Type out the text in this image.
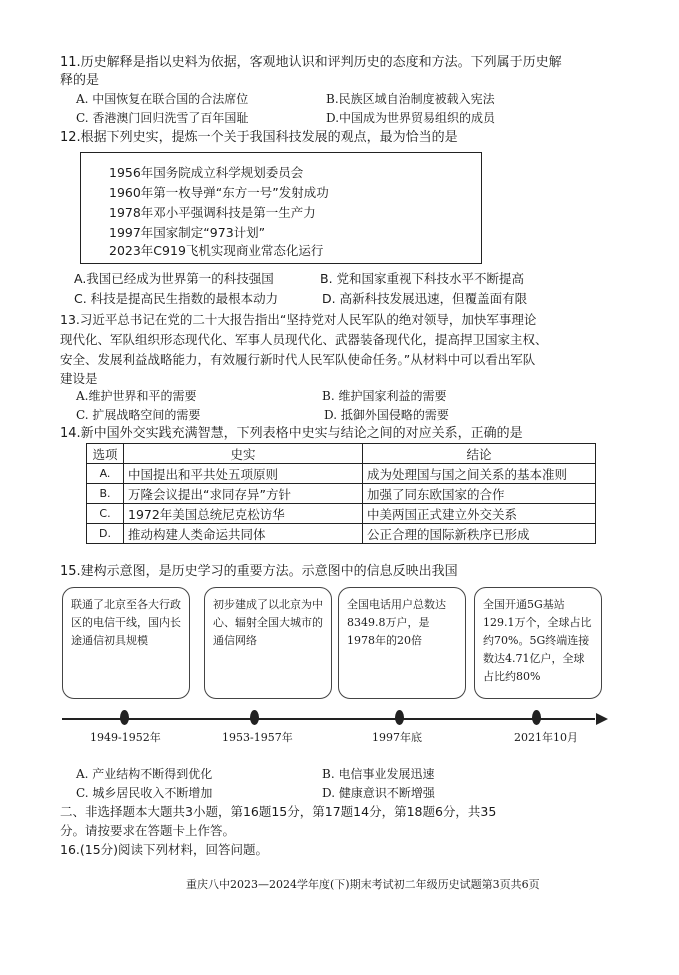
11.历史解释是指以史料为依据，客观地认识和评判历史的态度和方法。下列属于历史解
释的是
A. 中国恢复在联合国的合法席位	B.民族区域自治制度被载入宪法
C. 香港澳门回归洗雪了百年国耻	D.中国成为世界贸易组织的成员
12.根据下列史实，提炼一个关于我国科技发展的观点，最为恰当的是
1956年国务院成立科学规划委员会
1960年第一枚导弹“东方一号”发射成功
1978年邓小平强调科技是第一生产力
1997年国家制定“973计划”
2023年C919飞机实现商业常态化运行
A.我国已经成为世界第一的科技强国	B. 党和国家重视下科技水平不断提高
C. 科技是提高民生指数的最根本动力	D. 高新科技发展迅速，但覆盖面有限
13.习近平总书记在党的二十大报告指出“坚持党对人民军队的绝对领导，加快军事理论
现代化、军队组织形态现代化、军事人员现代化、武器装备现代化，提高捍卫国家主权、
安全、发展利益战略能力，有效履行新时代人民军队使命任务。”从材料中可以看出军队
建设是
A.维护世界和平的需要	B. 维护国家利益的需要
C. 扩展战略空间的需要	D. 抵御外国侵略的需要
14.新中国外交实践充满智慧，下列表格中史实与结论之间的对应关系，正确的是
选项	史实	结论
A.	中国提出和平共处五项原则	成为处理国与国之间关系的基本准则
B.	万隆会议提出“求同存异”方针	加强了同东欧国家的合作
C.	1972年美国总统尼克松访华	中美两国正式建立外交关系
D.	推动构建人类命运共同体	公正合理的国际新秩序已形成
15.建构示意图，是历史学习的重要方法。示意图中的信息反映出我国
联通了北京至各大行政区的电信干线，国内长途通信初具规模
初步建成了以北京为中心、辐射全国大城市的通信网络
全国电话用户总数达8349.8万户，是1978年的20倍
全国开通5G基站129.1万个，全球占比约70%。5G终端连接数达4.71亿户，全球占比约80%
1949-1952年	1953-1957年	1997年底	2021年10月
A. 产业结构不断得到优化	B. 电信事业发展迅速
C. 城乡居民收入不断增加	D. 健康意识不断增强
二、非选择题本大题共3小题，第16题15分，第17题14分，第18题6分，共35
分。请按要求在答题卡上作答。
16.(15分)阅读下列材料，回答问题。
重庆八中2023—2024学年度(下)期末考试初二年级历史试题第3页共6页
